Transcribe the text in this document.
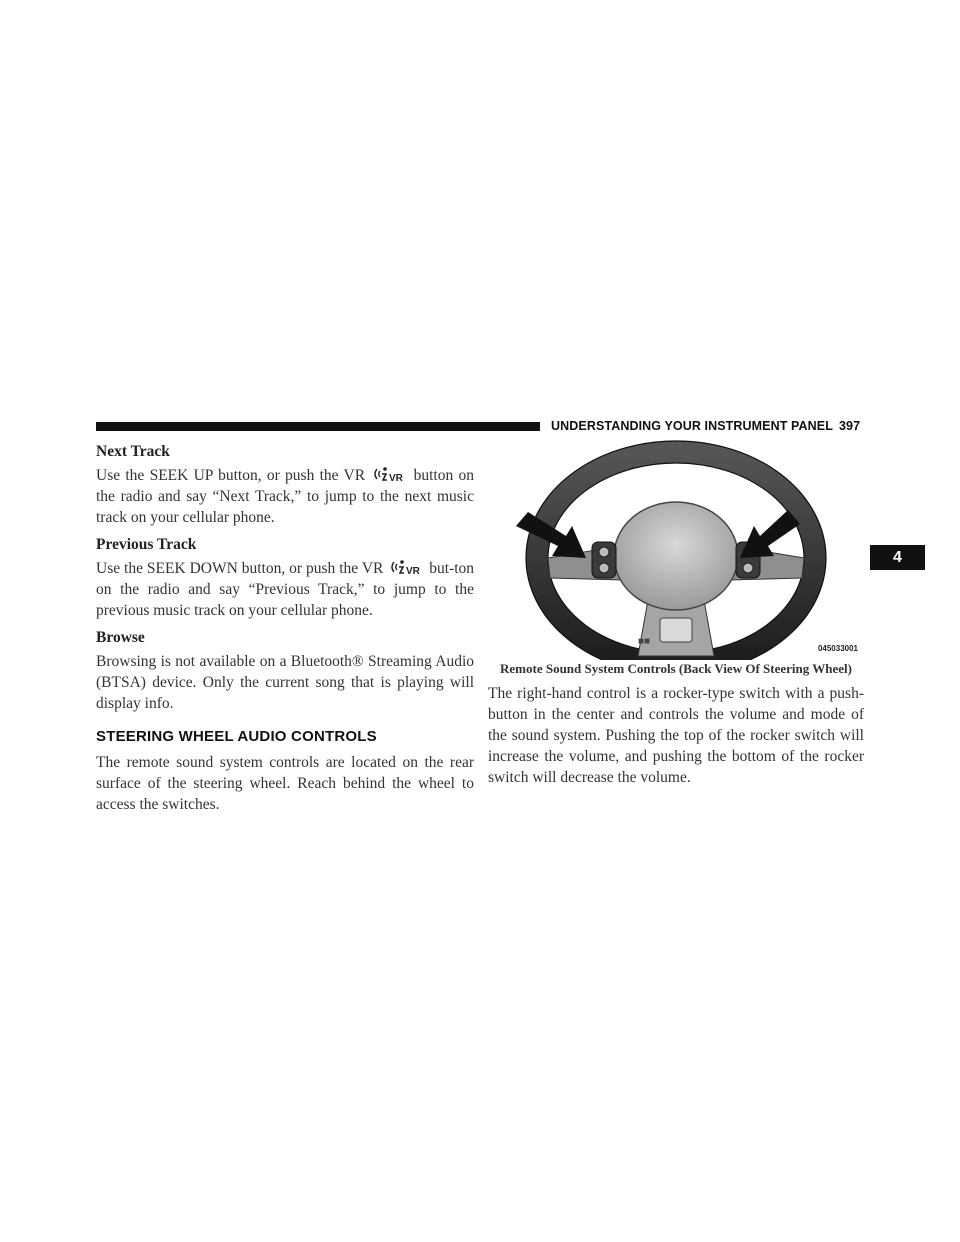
UNDERSTANDING YOUR INSTRUMENT PANEL 397
4
Next Track

Use the SEEK UP button, or push the VR VR button on the radio and say “Next Track,” to jump to the next music track on your cellular phone.

Previous Track

Use the SEEK DOWN button, or push the VR VR but-ton on the radio and say “Previous Track,” to jump to the previous music track on your cellular phone.

Browse

Browsing is not available on a Bluetooth® Streaming Audio (BTSA) device. Only the current song that is playing will display info.

STEERING WHEEL AUDIO CONTROLS

The remote sound system controls are located on the rear surface of the steering wheel. Reach behind the wheel to access the switches.

■■
045033001
Remote Sound System Controls (Back View Of Steering Wheel)

The right-hand control is a rocker-type switch with a push-button in the center and controls the volume and mode of the sound system. Pushing the top of the rocker switch will increase the volume, and pushing the bottom of the rocker switch will decrease the volume.
